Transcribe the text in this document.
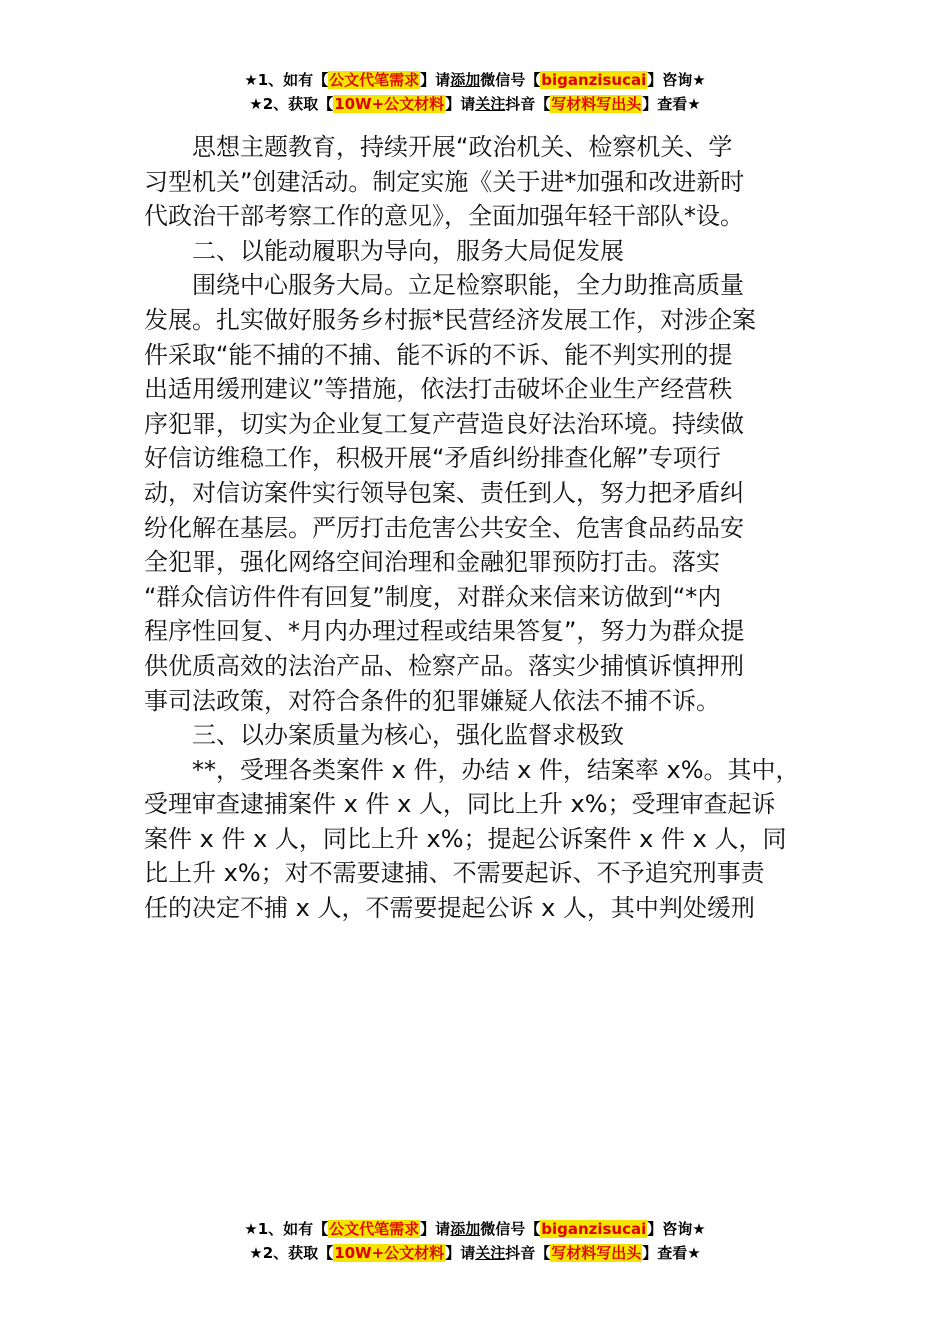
★1、如有【公文代笔需求】请添加微信号【biganzisucai】咨询★
★2、获取【10W+公文材料】请关注抖音【写材料写出头】查看★

思想主题教育，持续开展“政治机关、检察机关、学

习型机关”创建活动。制定实施《关于进*加强和改进新时

代政治干部考察工作的意见》，全面加强年轻干部队*设。

二、以能动履职为导向，服务大局促发展

围绕中心服务大局。立足检察职能，全力助推高质量

发展。扎实做好服务乡村振*民营经济发展工作，对涉企案

件采取“能不捕的不捕、能不诉的不诉、能不判实刑的提

出适用缓刑建议”等措施，依法打击破坏企业生产经营秩

序犯罪，切实为企业复工复产营造良好法治环境。持续做

好信访维稳工作，积极开展“矛盾纠纷排查化解”专项行

动，对信访案件实行领导包案、责任到人，努力把矛盾纠

纷化解在基层。严厉打击危害公共安全、危害食品药品安

全犯罪，强化网络空间治理和金融犯罪预防打击。落实

“群众信访件件有回复”制度，对群众来信来访做到“*内

程序性回复、*月内办理过程或结果答复”，努力为群众提

供优质高效的法治产品、检察产品。落实少捕慎诉慎押刑

事司法政策，对符合条件的犯罪嫌疑人依法不捕不诉。

三、以办案质量为核心，强化监督求极致

**，受理各类案件 x 件，办结 x 件，结案率 x%。其中，

受理审查逮捕案件 x 件 x 人，同比上升 x%；受理审查起诉

案件 x 件 x 人，同比上升 x%；提起公诉案件 x 件 x 人，同

比上升 x%；对不需要逮捕、不需要起诉、不予追究刑事责

任的决定不捕 x 人，不需要提起公诉 x 人，其中判处缓刑

★1、如有【公文代笔需求】请添加微信号【biganzisucai】咨询★
★2、获取【10W+公文材料】请关注抖音【写材料写出头】查看★
